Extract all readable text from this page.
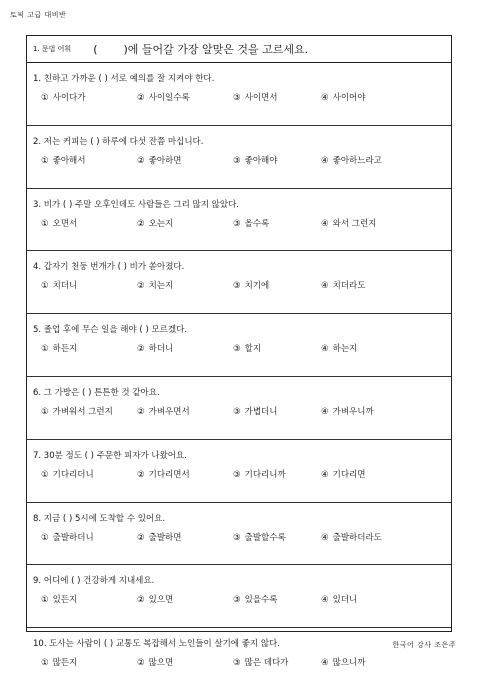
토픽 고급 대비반
1. 문법 어휘 ( )에 들어갈 가장 알맞은 것을 고르세요.
1. 친하고 가까운 ( ) 서로 예의를 잘 지켜야 한다.
① 사이다가	② 사이일수록	③ 사이면서	④ 사이어야
2. 저는 커피는 ( ) 하루에 다섯 잔쯤 마십니다.
① 좋아해서	② 좋아하면	③ 좋아해야	④ 좋아하느라고
3. 비가 ( ) 주말 오후인데도 사람들은 그리 많지 않았다.
① 오면서	② 오는지	③ 올수록	④ 와서 그런지
4. 갑자기 천둥 번개가 ( ) 비가 쏟아졌다.
① 치더니	② 치는지	③ 치기에	④ 치더라도
5. 졸업 후에 무슨 일을 해야 ( ) 모르겠다.
① 하든지	② 하더니	③ 할지	④ 하는지
6. 그 가방은 ( ) 튼튼한 것 같아요.
① 가벼워서 그런지	② 가벼우면서	③ 가볍더니	④ 가벼우니까
7. 30분 정도 ( ) 주문한 피자가 나왔어요.
① 기다리더니	② 기다리면서	③ 기다리니까	④ 기다리면
8. 지금 ( ) 5시에 도착할 수 있어요.
① 출발하더니	② 출발하면	③ 출발할수록	④ 출발하더라도
9. 어디에 ( ) 건강하게 지내세요.
① 있든지	② 있으면	③ 있을수록	④ 있더니
10. 도사는 사람이 ( ) 교통도 복잡해서 노인들이 살기에 좋지 않다.
① 많든지	② 많으면	③ 많은 데다가	④ 많으니까
한국어 강사 조은주
